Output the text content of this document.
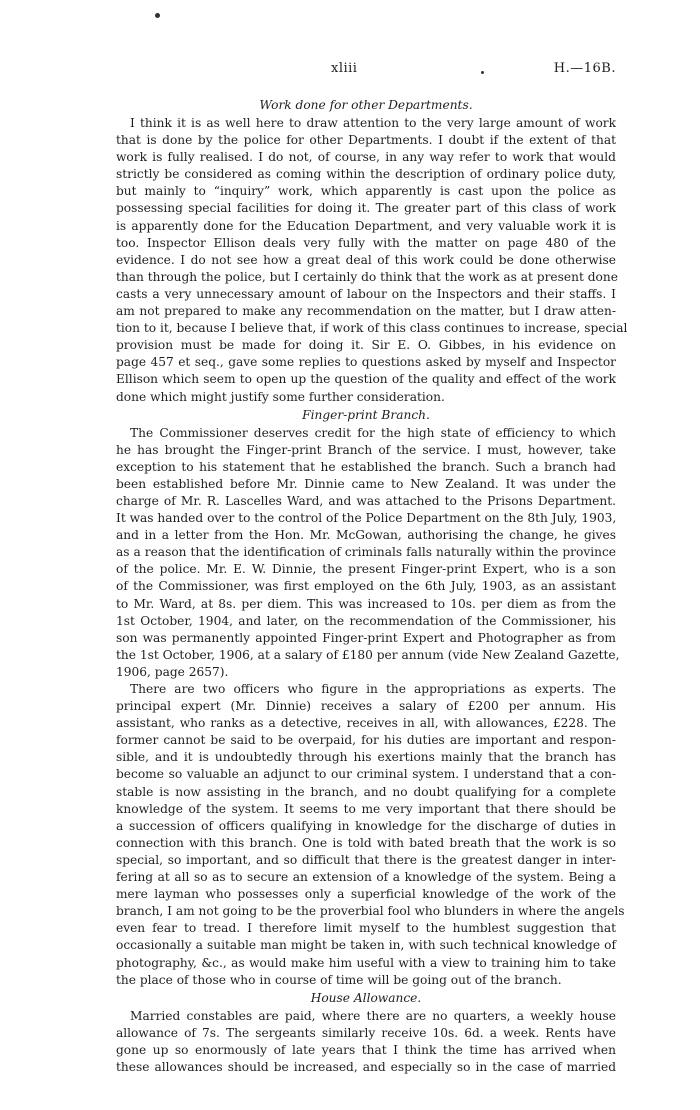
xliii	H.—16B.
Work done for other Departments.
I think it is as well here to draw attention to the very large amount of work
that is done by the police for other Departments. I doubt if the extent of that
work is fully realised. I do not, of course, in any way refer to work that would
strictly be considered as coming within the description of ordinary police duty,
but mainly to “inquiry” work, which apparently is cast upon the police as
possessing special facilities for doing it. The greater part of this class of work
is apparently done for the Education Department, and very valuable work it is
too. Inspector Ellison deals very fully with the matter on page 480 of the
evidence. I do not see how a great deal of this work could be done otherwise
than through the police, but I certainly do think that the work as at present done
casts a very unnecessary amount of labour on the Inspectors and their staffs. I
am not prepared to make any recommendation on the matter, but I draw atten-
tion to it, because I believe that, if work of this class continues to increase, special
provision must be made for doing it. Sir E. O. Gibbes, in his evidence on
page 457 et seq., gave some replies to questions asked by myself and Inspector
Ellison which seem to open up the question of the quality and effect of the work
done which might justify some further consideration.
Finger-print Branch.
The Commissioner deserves credit for the high state of efficiency to which
he has brought the Finger-print Branch of the service. I must, however, take
exception to his statement that he established the branch. Such a branch had
been established before Mr. Dinnie came to New Zealand. It was under the
charge of Mr. R. Lascelles Ward, and was attached to the Prisons Department.
It was handed over to the control of the Police Department on the 8th July, 1903,
and in a letter from the Hon. Mr. McGowan, authorising the change, he gives
as a reason that the identification of criminals falls naturally within the province
of the police. Mr. E. W. Dinnie, the present Finger-print Expert, who is a son
of the Commissioner, was first employed on the 6th July, 1903, as an assistant
to Mr. Ward, at 8s. per diem. This was increased to 10s. per diem as from the
1st October, 1904, and later, on the recommendation of the Commissioner, his
son was permanently appointed Finger-print Expert and Photographer as from
the 1st October, 1906, at a salary of £180 per annum (vide New Zealand Gazette,
1906, page 2657).
There are two officers who figure in the appropriations as experts. The
principal expert (Mr. Dinnie) receives a salary of £200 per annum. His
assistant, who ranks as a detective, receives in all, with allowances, £228. The
former cannot be said to be overpaid, for his duties are important and respon-
sible, and it is undoubtedly through his exertions mainly that the branch has
become so valuable an adjunct to our criminal system. I understand that a con-
stable is now assisting in the branch, and no doubt qualifying for a complete
knowledge of the system. It seems to me very important that there should be
a succession of officers qualifying in knowledge for the discharge of duties in
connection with this branch. One is told with bated breath that the work is so
special, so important, and so difficult that there is the greatest danger in inter-
fering at all so as to secure an extension of a knowledge of the system. Being a
mere layman who possesses only a superficial knowledge of the work of the
branch, I am not going to be the proverbial fool who blunders in where the angels
even fear to tread. I therefore limit myself to the humblest suggestion that
occasionally a suitable man might be taken in, with such technical knowledge of
photography, &c., as would make him useful with a view to training him to take
the place of those who in course of time will be going out of the branch.
House Allowance.
Married constables are paid, where there are no quarters, a weekly house
allowance of 7s. The sergeants similarly receive 10s. 6d. a week. Rents have
gone up so enormously of late years that I think the time has arrived when
these allowances should be increased, and especially so in the case of married
